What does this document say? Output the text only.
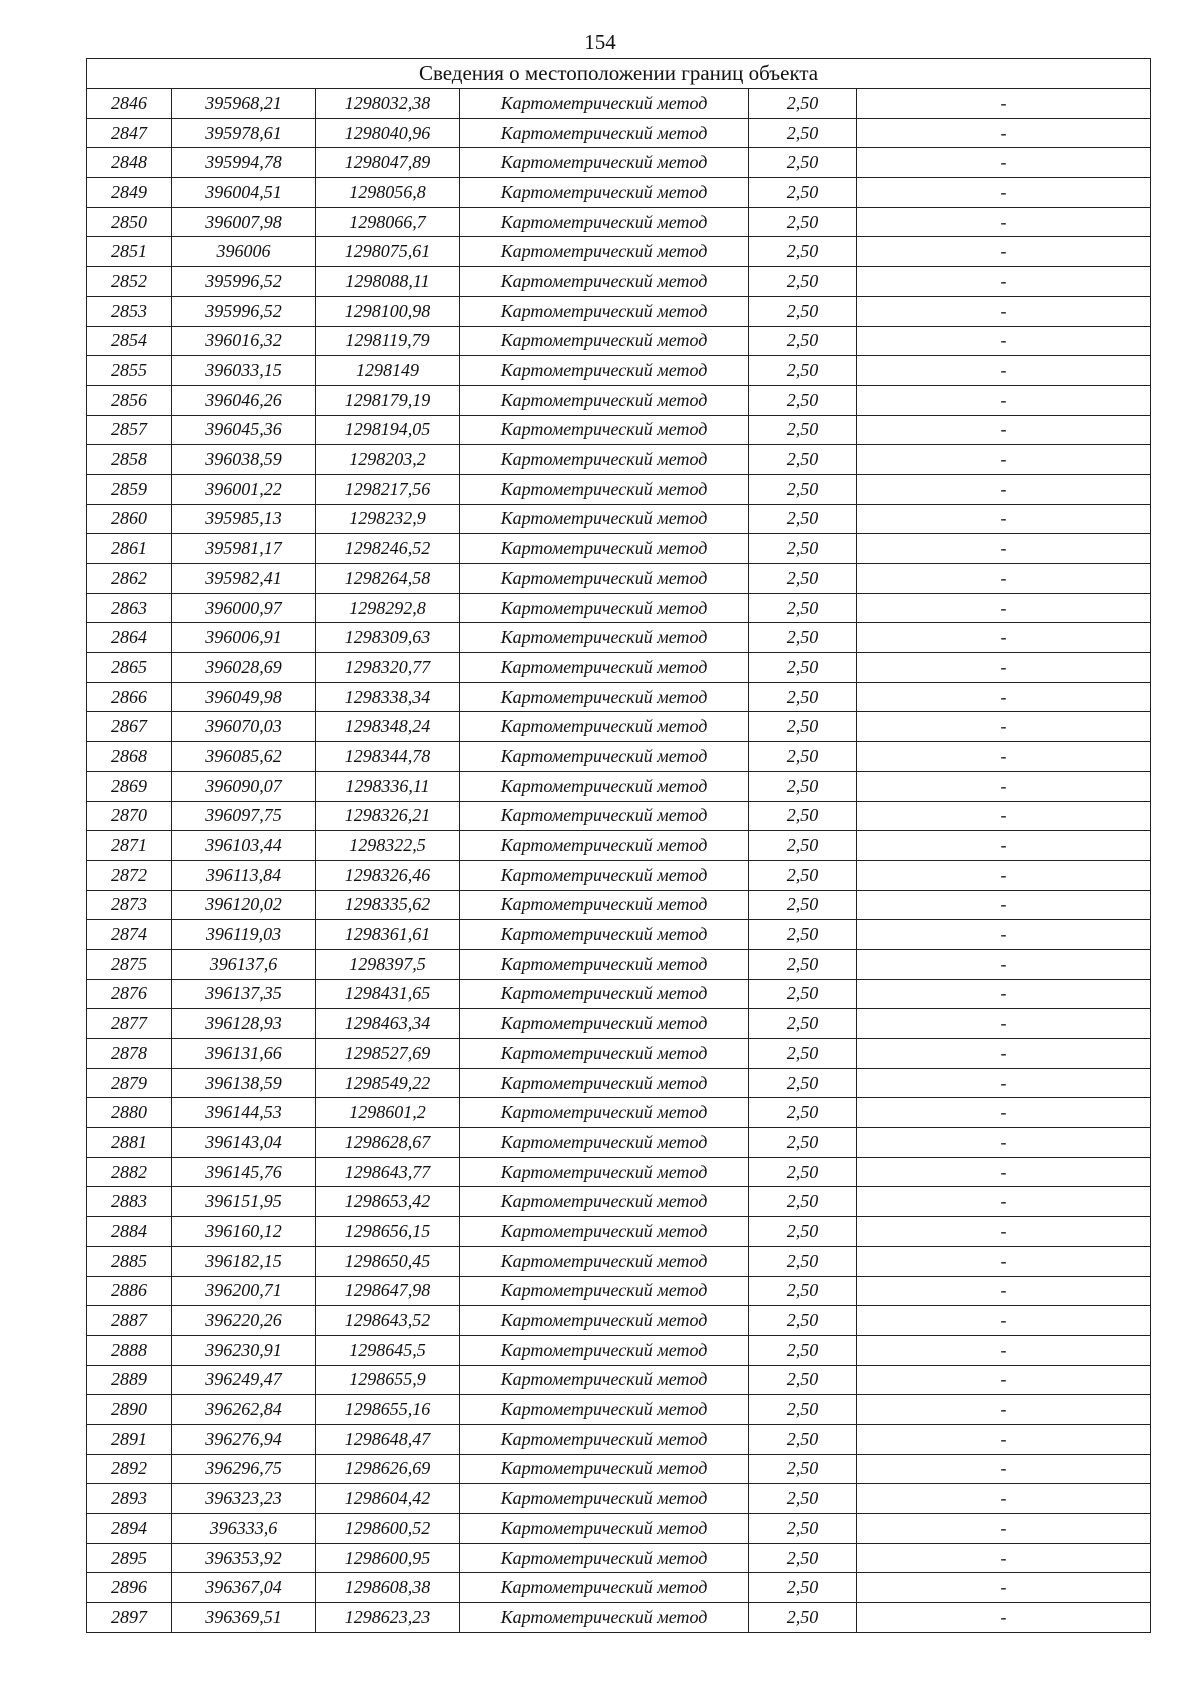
154
Сведения о местоположении границ объекта					
2846	395968,21	1298032,38	Картометрический метод	2,50	-
2847	395978,61	1298040,96	Картометрический метод	2,50	-
2848	395994,78	1298047,89	Картометрический метод	2,50	-
2849	396004,51	1298056,8	Картометрический метод	2,50	-
2850	396007,98	1298066,7	Картометрический метод	2,50	-
2851	396006	1298075,61	Картометрический метод	2,50	-
2852	395996,52	1298088,11	Картометрический метод	2,50	-
2853	395996,52	1298100,98	Картометрический метод	2,50	-
2854	396016,32	1298119,79	Картометрический метод	2,50	-
2855	396033,15	1298149	Картометрический метод	2,50	-
2856	396046,26	1298179,19	Картометрический метод	2,50	-
2857	396045,36	1298194,05	Картометрический метод	2,50	-
2858	396038,59	1298203,2	Картометрический метод	2,50	-
2859	396001,22	1298217,56	Картометрический метод	2,50	-
2860	395985,13	1298232,9	Картометрический метод	2,50	-
2861	395981,17	1298246,52	Картометрический метод	2,50	-
2862	395982,41	1298264,58	Картометрический метод	2,50	-
2863	396000,97	1298292,8	Картометрический метод	2,50	-
2864	396006,91	1298309,63	Картометрический метод	2,50	-
2865	396028,69	1298320,77	Картометрический метод	2,50	-
2866	396049,98	1298338,34	Картометрический метод	2,50	-
2867	396070,03	1298348,24	Картометрический метод	2,50	-
2868	396085,62	1298344,78	Картометрический метод	2,50	-
2869	396090,07	1298336,11	Картометрический метод	2,50	-
2870	396097,75	1298326,21	Картометрический метод	2,50	-
2871	396103,44	1298322,5	Картометрический метод	2,50	-
2872	396113,84	1298326,46	Картометрический метод	2,50	-
2873	396120,02	1298335,62	Картометрический метод	2,50	-
2874	396119,03	1298361,61	Картометрический метод	2,50	-
2875	396137,6	1298397,5	Картометрический метод	2,50	-
2876	396137,35	1298431,65	Картометрический метод	2,50	-
2877	396128,93	1298463,34	Картометрический метод	2,50	-
2878	396131,66	1298527,69	Картометрический метод	2,50	-
2879	396138,59	1298549,22	Картометрический метод	2,50	-
2880	396144,53	1298601,2	Картометрический метод	2,50	-
2881	396143,04	1298628,67	Картометрический метод	2,50	-
2882	396145,76	1298643,77	Картометрический метод	2,50	-
2883	396151,95	1298653,42	Картометрический метод	2,50	-
2884	396160,12	1298656,15	Картометрический метод	2,50	-
2885	396182,15	1298650,45	Картометрический метод	2,50	-
2886	396200,71	1298647,98	Картометрический метод	2,50	-
2887	396220,26	1298643,52	Картометрический метод	2,50	-
2888	396230,91	1298645,5	Картометрический метод	2,50	-
2889	396249,47	1298655,9	Картометрический метод	2,50	-
2890	396262,84	1298655,16	Картометрический метод	2,50	-
2891	396276,94	1298648,47	Картометрический метод	2,50	-
2892	396296,75	1298626,69	Картометрический метод	2,50	-
2893	396323,23	1298604,42	Картометрический метод	2,50	-
2894	396333,6	1298600,52	Картометрический метод	2,50	-
2895	396353,92	1298600,95	Картометрический метод	2,50	-
2896	396367,04	1298608,38	Картометрический метод	2,50	-
2897	396369,51	1298623,23	Картометрический метод	2,50	-
